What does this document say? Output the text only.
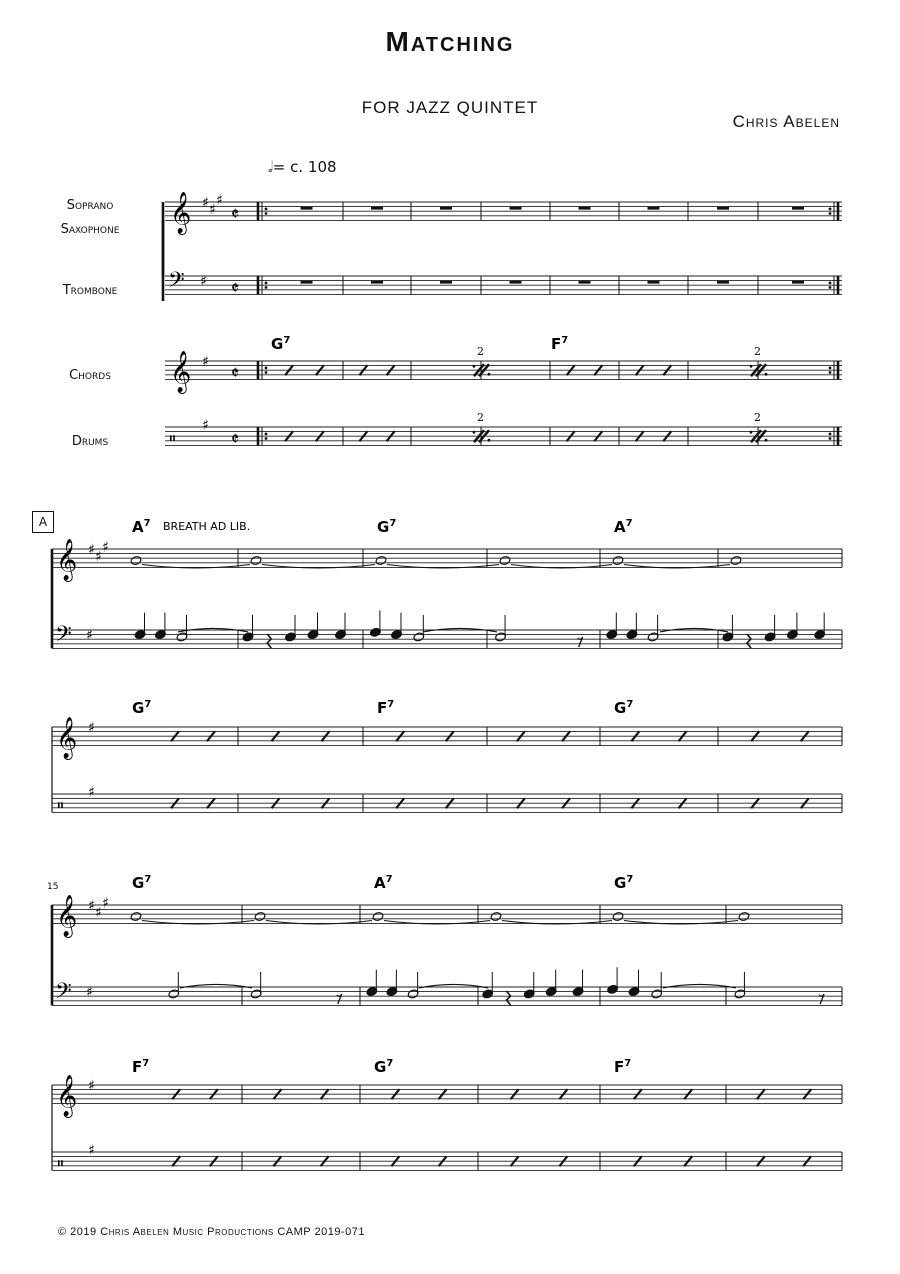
Matching
FOR JAZZ QUINTET
Chris Abelen
𝅗𝅥= c. 108
Soprano
Saxophone
Trombone
Chords
Drums
A
15
© 2019 Chris Abelen Music Productions CAMP 2019-071
𝄞 ♯ ♯
♯
𝄵
𝄢 ♯ 𝄵
𝄞 ♯
𝄵
𝄥
♯
𝄵
2	2
2	2
$G^7$	$F^7$
𝄞 ♯ ♯
♯
𝄢 ♯
𝄞 ♯
𝄥
♯
$A^7$	$G^7$	$A^7$
$G^7$	$F^7$	$G^7$
BREATH AD LIB.
𝄞 ♯ ♯
♯
𝄢 ♯
𝄞 ♯
𝄥
♯
$G^7$	$A^7$	$G^7$
$F^7$	$G^7$	$F^7$
